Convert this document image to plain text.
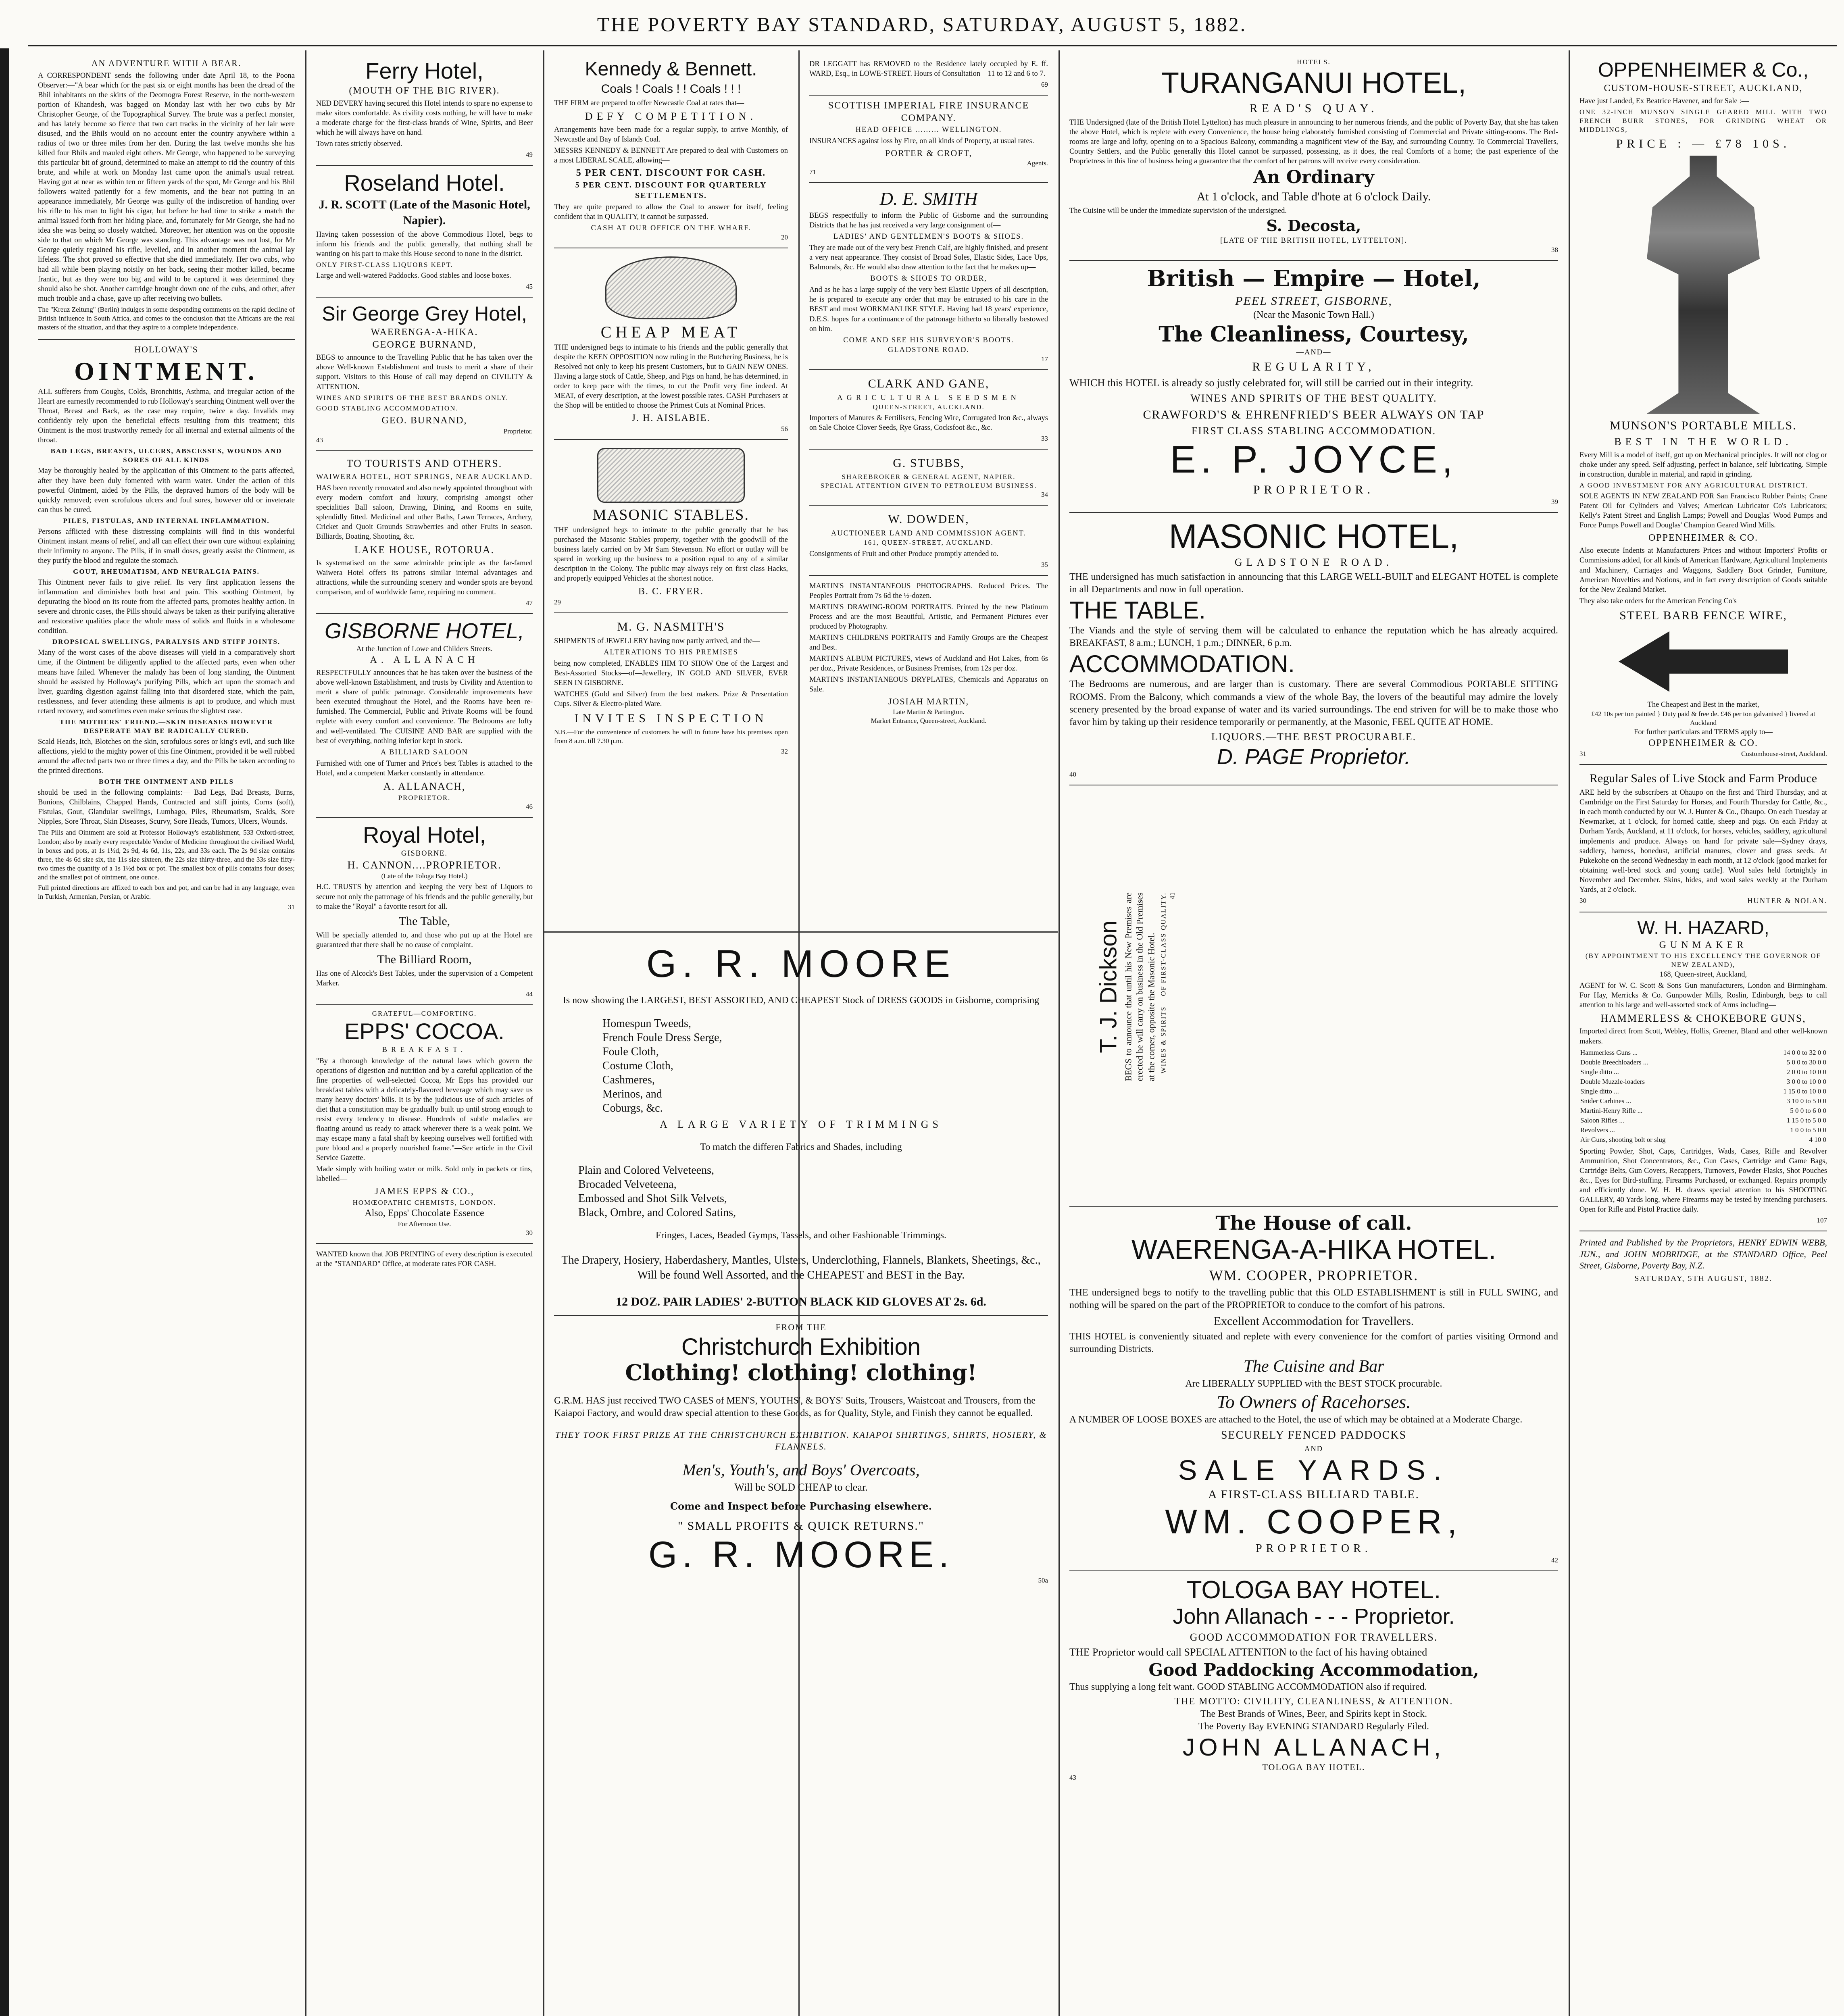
THE POVERTY BAY STANDARD, SATURDAY, AUGUST 5, 1882.
AN ADVENTURE WITH A BEAR.

A CORRESPONDENT sends the following under date April 18, to the Poona Observer:—"A bear which for the past six or eight months has been the dread of the Bhil inhabitants on the skirts of the Deomogra Forest Reserve, in the north-western portion of Khandesh, was bagged on Monday last with her two cubs by Mr Christopher George, of the Topographical Survey. The brute was a perfect monster, and has lately become so fierce that two cart tracks in the vicinity of her lair were disused, and the Bhils would on no account enter the country anywhere within a radius of two or three miles from her den. During the last twelve months she has killed four Bhils and mauled eight others. Mr George, who happened to be surveying this particular bit of ground, determined to make an attempt to rid the country of this brute, and while at work on Monday last came upon the animal's usual retreat. Having got at near as within ten or fifteen yards of the spot, Mr George and his Bhil followers waited patiently for a few moments, and the bear not putting in an appearance immediately, Mr George was guilty of the indiscretion of handing over his rifle to his man to light his cigar, but before he had time to strike a match the animal issued forth from her hiding place, and, fortunately for Mr George, she had no idea she was being so closely watched. Moreover, her attention was on the opposite side to that on which Mr George was standing. This advantage was not lost, for Mr George quietly regained his rifle, levelled, and in another moment the animal lay lifeless. The shot proved so effective that she died immediately. Her two cubs, who had all while been playing noisily on her back, seeing their mother killed, became frantic, but as they were too big and wild to be captured it was determined they should also be shot. Another cartridge brought down one of the cubs, and other, after much trouble and a chase, gave up after receiving two bullets.

The "Kreuz Zeitung" (Berlin) indulges in some desponding comments on the rapid decline of British influence in South Africa, and comes to the conclusion that the Africans are the real masters of the situation, and that they aspire to a complete independence.

HOLLOWAY'S
OINTMENT.

ALL sufferers from Coughs, Colds, Bronchitis, Asthma, and irregular action of the Heart are earnestly recommended to rub Holloway's searching Ointment well over the Throat, Breast and Back, as the case may require, twice a day. Invalids may confidently rely upon the beneficial effects resulting from this treatment; this Ointment is the most trustworthy remedy for all internal and external ailments of the throat.

BAD LEGS, BREASTS, ULCERS, ABSCESSES, WOUNDS AND SORES OF ALL KINDS

May be thoroughly healed by the application of this Ointment to the parts affected, after they have been duly fomented with warm water. Under the action of this powerful Ointment, aided by the Pills, the depraved humors of the body will be quickly removed; even scrofulous ulcers and foul sores, however old or inveterate can thus be cured.

PILES, FISTULAS, AND INTERNAL INFLAMMATION.

Persons afflicted with these distressing complaints will find in this wonderful Ointment instant means of relief, and all can effect their own cure without explaining their infirmity to anyone. The Pills, if in small doses, greatly assist the Ointment, as they purify the blood and regulate the stomach.

GOUT, RHEUMATISM, AND NEURALGIA PAINS.

This Ointment never fails to give relief. Its very first application lessens the inflammation and diminishes both heat and pain. This soothing Ointment, by depurating the blood on its route from the affected parts, promotes healthy action. In severe and chronic cases, the Pills should always be taken as their purifying alterative and restorative qualities place the whole mass of solids and fluids in a wholesome condition.

DROPSICAL SWELLINGS, PARALYSIS AND STIFF JOINTS.

Many of the worst cases of the above diseases will yield in a comparatively short time, if the Ointment be diligently applied to the affected parts, even when other means have failed. Whenever the malady has been of long standing, the Ointment should be assisted by Holloway's purifying Pills, which act upon the stomach and liver, guarding digestion against falling into that disordered state, which the pain, restlessness, and fever attending these ailments is apt to produce, and which must retard recovery, and sometimes even make serious the slightest case.

THE MOTHERS' FRIEND.—SKIN DISEASES HOWEVER DESPERATE MAY BE RADICALLY CURED.

Scald Heads, Itch, Blotches on the skin, scrofulous sores or king's evil, and such like affections, yield to the mighty power of this fine Ointment, provided it be well rubbed around the affected parts two or three times a day, and the Pills be taken according to the printed directions.

BOTH THE OINTMENT AND PILLS

should be used in the following complaints:— Bad Legs, Bad Breasts, Burns, Bunions, Chilblains, Chapped Hands, Contracted and stiff joints, Corns (soft), Fistulas, Gout, Glandular swellings, Lumbago, Piles, Rheumatism, Scalds, Sore Nipples, Sore Throat, Skin Diseases, Scurvy, Sore Heads, Tumors, Ulcers, Wounds.

The Pills and Ointment are sold at Professor Holloway's establishment, 533 Oxford-street, London; also by nearly every respectable Vendor of Medicine throughout the civilised World, in boxes and pots, at 1s 1½d, 2s 9d, 4s 6d, 11s, 22s, and 33s each. The 2s 9d size contains three, the 4s 6d size six, the 11s size sixteen, the 22s size thirty-three, and the 33s size fifty-two times the quantity of a 1s 1½d box or pot. The smallest box of pills contains four doses; and the smallest pot of ointment, one ounce.

Full printed directions are affixed to each box and pot, and can be had in any language, even in Turkish, Armenian, Persian, or Arabic.

31
Ferry Hotel,
(MOUTH OF THE BIG RIVER).

NED DEVERY having secured this Hotel intends to spare no expense to make sitors comfortable. As civility costs nothing, he will have to make a moderate charge for the first-class brands of Wine, Spirits, and Beer which he will always have on hand.

Town rates strictly observed.

49
Roseland Hotel.
J. R. SCOTT (Late of the Masonic Hotel, Napier).

Having taken possession of the above Commodious Hotel, begs to inform his friends and the public generally, that nothing shall be wanting on his part to make this House second to none in the district.

ONLY FIRST-CLASS LIQUORS KEPT.

Large and well-watered Paddocks. Good stables and loose boxes.

45
Sir George Grey Hotel,
WAERENGA-A-HIKA.
GEORGE BURNAND,

BEGS to announce to the Travelling Public that he has taken over the above Well-known Establishment and trusts to merit a share of their support. Visitors to this House of call may depend on CIVILITY & ATTENTION.

WINES AND SPIRITS OF THE BEST BRANDS ONLY.

GOOD STABLING ACCOMMODATION.

GEO. BURNAND,
Proprietor.
43
TO TOURISTS AND OTHERS.
WAIWERA HOTEL, HOT SPRINGS, NEAR AUCKLAND.

HAS been recently renovated and also newly appointed throughout with every modern comfort and luxury, comprising amongst other specialities Ball saloon, Drawing, Dining, and Rooms en suite, splendidly fitted. Medicinal and other Baths, Lawn Terraces, Archery, Cricket and Quoit Grounds Strawberries and other Fruits in season. Billiards, Boating, Shooting, &c.

LAKE HOUSE, ROTORUA.

Is systematised on the same admirable principle as the far-famed Waiwera Hotel offers its patrons similar internal advantages and attractions, while the surrounding scenery and wonder spots are beyond comparison, and of worldwide fame, requiring no comment.

47
GISBORNE HOTEL,
At the Junction of Lowe and Childers Streets.
A. ALLANACH

RESPECTFULLY announces that he has taken over the business of the above well-known Establishment, and trusts by Civility and Attention to merit a share of public patronage. Considerable improvements have been executed throughout the Hotel, and the Rooms have been re-furnished. The Commercial, Public and Private Rooms will be found replete with every comfort and convenience. The Bedrooms are lofty and well-ventilated. The CUISINE AND BAR are supplied with the best of everything, nothing inferior kept in stock.

A BILLIARD SALOON

Furnished with one of Turner and Price's best Tables is attached to the Hotel, and a competent Marker constantly in attendance.

A. ALLANACH,
PROPRIETOR.
46
Royal Hotel,
GISBORNE.
H. CANNON....PROPRIETOR.
(Late of the Tologa Bay Hotel.)

H.C. TRUSTS by attention and keeping the very best of Liquors to secure not only the patronage of his friends and the public generally, but to make the "Royal" a favorite resort for all.

The Table,

Will be specially attended to, and those who put up at the Hotel are guaranteed that there shall be no cause of complaint.

The Billiard Room,

Has one of Alcock's Best Tables, under the supervision of a Competent Marker.

44
GRATEFUL—COMFORTING.
EPPS' COCOA.
BREAKFAST.

"By a thorough knowledge of the natural laws which govern the operations of digestion and nutrition and by a careful application of the fine properties of well-selected Cocoa, Mr Epps has provided our breakfast tables with a delicately-flavored beverage which may save us many heavy doctors' bills. It is by the judicious use of such articles of diet that a constitution may be gradually built up until strong enough to resist every tendency to disease. Hundreds of subtle maladies are floating around us ready to attack wherever there is a weak point. We may escape many a fatal shaft by keeping ourselves well fortified with pure blood and a properly nourished frame."—See article in the Civil Service Gazette.

Made simply with boiling water or milk. Sold only in packets or tins, labelled—

JAMES EPPS & CO.,
HOMŒOPATHIC CHEMISTS, LONDON.
Also, Epps' Chocolate Essence
For Afternoon Use.
30

WANTED known that JOB PRINTING of every description is executed at the "STANDARD" Office, at moderate rates FOR CASH.

Kennedy & Bennett.
Coals ! Coals ! ! Coals ! ! !

THE FIRM are prepared to offer Newcastle Coal at rates that—

DEFY COMPETITION.

Arrangements have been made for a regular supply, to arrive Monthly, of Newcastle and Bay of Islands Coal.

MESSRS KENNEDY & BENNETT Are prepared to deal with Customers on a most LIBERAL SCALE, allowing—

5 PER CENT. DISCOUNT FOR CASH.
5 PER CENT. DISCOUNT FOR QUARTERLY SETTLEMENTS.

They are quite prepared to allow the Coal to answer for itself, feeling confident that in QUALITY, it cannot be surpassed.

CASH AT OUR OFFICE ON THE WHARF.
20
CHEAP MEAT

THE undersigned begs to intimate to his friends and the public generally that despite the KEEN OPPOSITION now ruling in the Butchering Business, he is Resolved not only to keep his present Customers, but to GAIN NEW ONES. Having a large stock of Cattle, Sheep, and Pigs on hand, he has determined, in order to keep pace with the times, to cut the Profit very fine indeed. At MEAT, of every description, at the lowest possible rates. CASH Purchasers at the Shop will be entitled to choose the Primest Cuts at Nominal Prices.

J. H. AISLABIE.
56
MASONIC STABLES.

THE undersigned begs to intimate to the public generally that he has purchased the Masonic Stables property, together with the goodwill of the business lately carried on by Mr Sam Stevenson. No effort or outlay will be spared in working up the business to a position equal to any of a similar description in the Colony. The public may always rely on first class Hacks, and properly equipped Vehicles at the shortest notice.

B. C. FRYER.
29
M. G. NASMITH'S

SHIPMENTS of JEWELLERY having now partly arrived, and the—

ALTERATIONS TO HIS PREMISES

being now completed, ENABLES HIM TO SHOW One of the Largest and Best-Assorted Stocks—of—Jewellery, IN GOLD AND SILVER, EVER SEEN IN GISBORNE.

WATCHES (Gold and Silver) from the best makers. Prize & Presentation Cups. Silver & Electro-plated Ware.

INVITES INSPECTION

N.B.—For the convenience of customers he will in future have his premises open from 8 a.m. till 7.30 p.m.

32

DR LEGGATT has REMOVED to the Residence lately occupied by E. ff. WARD, Esq., in LOWE-STREET. Hours of Consultation—11 to 12 and 6 to 7.

69
SCOTTISH IMPERIAL FIRE INSURANCE COMPANY.
HEAD OFFICE ......... WELLINGTON.

INSURANCES against loss by Fire, on all kinds of Property, at usual rates.

PORTER & CROFT,
Agents.
71
D. E. SMITH

BEGS respectfully to inform the Public of Gisborne and the surrounding Districts that he has just received a very large consignment of—

LADIES' AND GENTLEMEN'S BOOTS & SHOES.

They are made out of the very best French Calf, are highly finished, and present a very neat appearance. They consist of Broad Soles, Elastic Sides, Lace Ups, Balmorals, &c. He would also draw attention to the fact that he makes up—

BOOTS & SHOES TO ORDER,

And as he has a large supply of the very best Elastic Uppers of all description, he is prepared to execute any order that may be entrusted to his care in the BEST and most WORKMANLIKE STYLE. Having had 18 years' experience, D.E.S. hopes for a continuance of the patronage hitherto so liberally bestowed on him.

COME AND SEE HIS SURVEYOR'S BOOTS.
GLADSTONE ROAD.
17
CLARK AND GANE,
AGRICULTURAL SEEDSMEN
QUEEN-STREET, AUCKLAND.

Importers of Manures & Fertilisers, Fencing Wire, Corrugated Iron &c., always on Sale Choice Clover Seeds, Rye Grass, Cocksfoot &c., &c.

33
G. STUBBS,
SHAREBROKER & GENERAL AGENT, NAPIER.
SPECIAL ATTENTION GIVEN TO PETROLEUM BUSINESS.
34
W. DOWDEN,
AUCTIONEER LAND AND COMMISSION AGENT.
161, QUEEN-STREET, AUCKLAND.

Consignments of Fruit and other Produce promptly attended to.

35

MARTIN'S INSTANTANEOUS PHOTOGRAPHS. Reduced Prices. The Peoples Portrait from 7s 6d the ½-dozen.

MARTIN'S DRAWING-ROOM PORTRAITS. Printed by the new Platinum Process and are the most Beautiful, Artistic, and Permanent Pictures ever produced by Photography.

MARTIN'S CHILDRENS PORTRAITS and Family Groups are the Cheapest and Best.

MARTIN'S ALBUM PICTURES, views of Auckland and Hot Lakes, from 6s per doz., Private Residences, or Business Premises, from 12s per doz.

MARTIN'S INSTANTANEOUS DRYPLATES, Chemicals and Apparatus on Sale.

JOSIAH MARTIN,
Late Martin & Partington.
Market Entrance, Queen-street, Auckland.
G. R. MOORE

Is now showing the LARGEST, BEST ASSORTED, AND CHEAPEST Stock of DRESS GOODS in Gisborne, comprising

Homespun Tweeds,
French Foule Dress Serge,
Foule Cloth,
Costume Cloth,
Cashmeres,
Merinos, and
Coburgs, &c.
A LARGE VARIETY OF TRIMMINGS

To match the differen Fabrics and Shades, including

Plain and Colored Velveteens,
Brocaded Velveteena,
Embossed and Shot Silk Velvets,
Black, Ombre, and Colored Satins,

Fringes, Laces, Beaded Gymps, Tassels, and other Fashionable Trimmings.

The Drapery, Hosiery, Haberdashery, Mantles, Ulsters, Underclothing, Flannels, Blankets, Sheetings, &c., Will be found Well Assorted, and the CHEAPEST and BEST in the Bay.

12 DOZ. PAIR LADIES' 2-BUTTON BLACK KID GLOVES AT 2s. 6d.
FROM THE
Christchurch Exhibition
Clothing! clothing! clothing!

G.R.M. HAS just received TWO CASES of MEN'S, YOUTHS', & BOYS' Suits, Trousers, Waistcoat and Trousers, from the Kaiapoi Factory, and would draw special attention to these Goods, as for Quality, Style, and Finish they cannot be equalled.

THEY TOOK FIRST PRIZE AT THE CHRISTCHURCH EXHIBITION. KAIAPOI SHIRTINGS, SHIRTS, HOSIERY, & FLANNELS.

Men's, Youth's, and Boys' Overcoats,
Will be SOLD CHEAP to clear.
Come and Inspect before Purchasing elsewhere.
" SMALL PROFITS & QUICK RETURNS."
G. R. MOORE.
50a
HOTELS.
TURANGANUI HOTEL,
READ'S QUAY.

THE Undersigned (late of the British Hotel Lyttelton) has much pleasure in announcing to her numerous friends, and the public of Poverty Bay, that she has taken the above Hotel, which is replete with every Convenience, the house being elaborately furnished consisting of Commercial and Private sitting-rooms. The Bed-rooms are large and lofty, opening on to a Spacious Balcony, commanding a magnificent view of the Bay, and surrounding Country. To Commercial Travellers, Country Settlers, and the Public generally this Hotel cannot be surpassed, possessing, as it does, the real Comforts of a home; the past experience of the Proprietress in this line of business being a guarantee that the comfort of her patrons will receive every consideration.

An Ordinary
At 1 o'clock, and Table d'hote at 6 o'clock Daily.

The Cuisine will be under the immediate supervision of the undersigned.

S. Decosta,
[LATE OF THE BRITISH HOTEL, LYTTELTON].
38
British — Empire — Hotel,
PEEL STREET, GISBORNE,
(Near the Masonic Town Hall.)
The Cleanliness, Courtesy,
—AND—
REGULARITY,

WHICH this HOTEL is already so justly celebrated for, will still be carried out in their integrity.

WINES AND SPIRITS OF THE BEST QUALITY.
CRAWFORD'S & EHRENFRIED'S BEER ALWAYS ON TAP
FIRST CLASS STABLING ACCOMMODATION.
E. P. JOYCE,
PROPRIETOR.
39
MASONIC HOTEL,
GLADSTONE ROAD.

THE undersigned has much satisfaction in announcing that this LARGE WELL-BUILT and ELEGANT HOTEL is complete in all Departments and now in full operation.

THE TABLE.

The Viands and the style of serving them will be calculated to enhance the reputation which he has already acquired. BREAKFAST, 8 a.m.; LUNCH, 1 p.m.; DINNER, 6 p.m.

ACCOMMODATION.

The Bedrooms are numerous, and are larger than is customary. There are several Commodious PORTABLE SITTING ROOMS. From the Balcony, which commands a view of the whole Bay, the lovers of the beautiful may admire the lovely scenery presented by the broad expanse of water and its varied surroundings. The end striven for will be to make those who favor him by taking up their residence temporarily or permanently, at the Masonic, FEEL QUITE AT HOME.

LIQUORS.—THE BEST PROCURABLE.
D. PAGE Proprietor.
40
T. J. Dickson BEGS to announce that until his New Premises are erected he will carry on business in the Old Premises at the corner, opposite the Masonic Hotel. —WINES & SPIRITS— OF FIRST-CLASS QUALITY. 41
The House of call.
WAERENGA-A-HIKA HOTEL.
WM. COOPER, PROPRIETOR.

THE undersigned begs to notify to the travelling public that this OLD ESTABLISHMENT is still in FULL SWING, and nothing will be spared on the part of the PROPRIETOR to conduce to the comfort of his patrons.

Excellent Accommodation for Travellers.

THIS HOTEL is conveniently situated and replete with every convenience for the comfort of parties visiting Ormond and surrounding Districts.

The Cuisine and Bar
Are LIBERALLY SUPPLIED with the BEST STOCK procurable.
To Owners of Racehorses.

A NUMBER OF LOOSE BOXES are attached to the Hotel, the use of which may be obtained at a Moderate Charge.

SECURELY FENCED PADDOCKS
AND
SALE YARDS.
A FIRST-CLASS BILLIARD TABLE.
WM. COOPER,
PROPRIETOR.
42
TOLOGA BAY HOTEL.
John Allanach - - - Proprietor.
GOOD ACCOMMODATION FOR TRAVELLERS.

THE Proprietor would call SPECIAL ATTENTION to the fact of his having obtained

Good Paddocking Accommodation,

Thus supplying a long felt want. GOOD STABLING ACCOMMODATION also if required.

THE MOTTO: CIVILITY, CLEANLINESS, & ATTENTION.
The Best Brands of Wines, Beer, and Spirits kept in Stock.
The Poverty Bay EVENING STANDARD Regularly Filed.
JOHN ALLANACH,
TOLOGA BAY HOTEL.
43
OPPENHEIMER & Co.,
CUSTOM-HOUSE-STREET, AUCKLAND,

Have just Landed, Ex Beatrice Havener, and for Sale :—

ONE 32-INCH MUNSON SINGLE GEARED MILL WITH TWO FRENCH BURR STONES, FOR GRINDING WHEAT OR MIDDLINGS,

PRICE : — £78 10S.
MUNSON'S PORTABLE MILLS.
BEST IN THE WORLD.

Every Mill is a model of itself, got up on Mechanical principles. It will not clog or choke under any speed. Self adjusting, perfect in balance, self lubricating. Simple in construction, durable in material, and rapid in grinding.

A GOOD INVESTMENT FOR ANY AGRICULTURAL DISTRICT.

SOLE AGENTS IN NEW ZEALAND FOR San Francisco Rubber Paints; Crane Patent Oil for Cylinders and Valves; American Lubricator Co's Lubricators; Kelly's Patent Street and English Lamps; Powell and Douglas' Wood Pumps and Force Pumps Powell and Douglas' Champion Geared Wind Mills.

OPPENHEIMER & CO.

Also execute Indents at Manufacturers Prices and without Importers' Profits or Commissions added, for all kinds of American Hardware, Agricultural Implements and Machinery, Carriages and Waggons, Saddlery Boot Grinder, Furniture, American Novelties and Notions, and in fact every description of Goods suitable for the New Zealand Market.

They also take orders for the American Fencing Co's

STEEL BARB FENCE WIRE,
The Cheapest and Best in the market,
£42 10s per ton painted } Duty paid & free de. £46 per ton galvanised } livered at Auckland
For further particulars and TERMS apply to—
OPPENHEIMER & CO.
31	Customhouse-street, Auckland.
Regular Sales of Live Stock and Farm Produce

ARE held by the subscribers at Ohaupo on the first and Third Thursday, and at Cambridge on the First Saturday for Horses, and Fourth Thursday for Cattle, &c., in each month conducted by our W. J. Hunter & Co., Ohaupo. On each Tuesday at Newmarket, at 1 o'clock, for horned cattle, sheep and pigs. On each Friday at Durham Yards, Auckland, at 11 o'clock, for horses, vehicles, saddlery, agricultural implements and produce. Always on hand for private sale—Sydney drays, saddlery, harness, bonedust, artificial manures, clover and grass seeds. At Pukekohe on the second Wednesday in each month, at 12 o'clock [good market for obtaining well-bred stock and young cattle]. Wool sales held fortnightly in November and December. Skins, hides, and wool sales weekly at the Durham Yards, at 2 o'clock.

30	HUNTER & NOLAN.
W. H. HAZARD,
GUNMAKER
(BY APPOINTMENT TO HIS EXCELLENCY THE GOVERNOR OF NEW ZEALAND),
168, Queen-street, Auckland,

AGENT for W. C. Scott & Sons Gun manufacturers, London and Birmingham. For Hay, Merricks & Co. Gunpowder Mills, Roslin, Edinburgh, begs to call attention to his large and well-assorted stock of Arms including—

HAMMERLESS & CHOKEBORE GUNS,

Imported direct from Scott, Webley, Hollis, Greener, Bland and other well-known makers.

Hammerless Guns ...	14 0 0 to 32 0 0
Double Breechloaders ...	5 0 0 to 30 0 0
Single ditto ...	2 0 0 to 10 0 0
Double Muzzle-loaders	3 0 0 to 10 0 0
Single ditto ...	1 15 0 to 10 0 0
Snider Carbines ...	3 10 0 to 5 0 0
Martini-Henry Rifle ...	5 0 0 to 6 0 0
Saloon Rifles ...	1 15 0 to 5 0 0
Revolvers ...	1 0 0 to 5 0 0
Air Guns, shooting bolt or slug	4 10 0

Sporting Powder, Shot, Caps, Cartridges, Wads, Cases, Rifle and Revolver Ammunition, Shot Concentrators, &c., Gun Cases, Cartridge and Game Bags, Cartridge Belts, Gun Covers, Recappers, Turnovers, Powder Flasks, Shot Pouches &c., Eyes for Bird-stuffing. Firearms Purchased, or exchanged. Repairs promptly and efficiently done. W. H. H. draws special attention to his SHOOTING GALLERY, 40 Yards long, where Firearms may be tested by intending purchasers. Open for Rifle and Pistol Practice daily.

107

Printed and Published by the Proprietors, HENRY EDWIN WEBB, JUN., and JOHN MOBRIDGE, at the STANDARD Office, Peel Street, Gisborne, Poverty Bay, N.Z.

SATURDAY, 5TH AUGUST, 1882.
